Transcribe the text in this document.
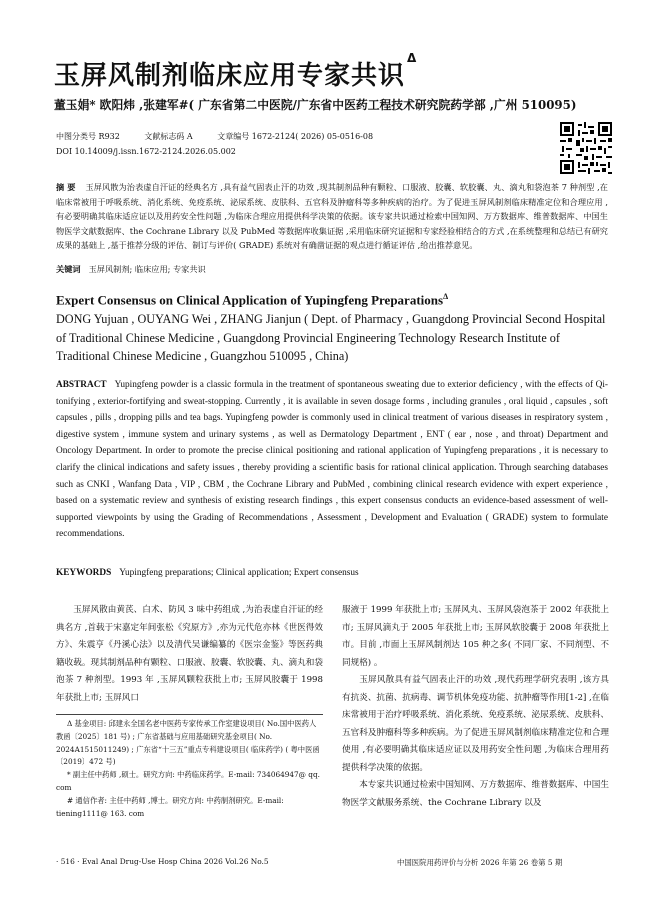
玉屏风制剂临床应用专家共识$^\Delta$
董玉娟* 欧阳炜 ,张建军#( 广东省第二中医院/广东省中医药工程技术研究院药学部 ,广州 510095)
中图分类号 R932	文献标志码 A	文章编号 1672-2124( 2026) 05-0516-08
DOI 10.14009/j.issn.1672-2124.2026.05.002
摘 要 玉屏风散为治表虚自汗证的经典名方 ,具有益气固表止汗的功效 ,现其制剂品种有颗粒、口服液、胶囊、软胶囊、丸、滴丸和袋泡茶 7 种剂型 ,在临床常被用于呼吸系统、消化系统、免疫系统、泌尿系统、皮肤科、五官科及肿瘤科等多种疾病的治疗。为了促进玉屏风制剂临床精准定位和合理应用 ,有必要明确其临床适应证以及用药安全性问题 ,为临床合理应用提供科学决策的依据。该专家共识通过检索中国知网、万方数据库、维普数据库、中国生物医学文献数据库、the Cochrane Library 以及 PubMed 等数据库收集证据 ,采用临床研究证据和专家经验相结合的方式 ,在系统整理和总结已有研究成果的基础上 ,基于推荐分级的评估、制订与评价( GRADE) 系统对有确凿证据的观点进行循证评估 ,给出推荐意见。
关键词 玉屏风制剂; 临床应用; 专家共识
Expert Consensus on Clinical Application of Yupingfeng Preparations$^\Delta$
DONG Yujuan , OUYANG Wei , ZHANG Jianjun ( Dept. of Pharmacy , Guangdong Provincial Second Hospital of Traditional Chinese Medicine , Guangdong Provincial Engineering Technology Research Institute of Traditional Chinese Medicine , Guangzhou 510095 , China)
ABSTRACT Yupingfeng powder is a classic formula in the treatment of spontaneous sweating due to exterior deficiency , with the effects of Qi-tonifying , exterior-fortifying and sweat-stopping. Currently , it is available in seven dosage forms , including granules , oral liquid , capsules , soft capsules , pills , dropping pills and tea bags. Yupingfeng powder is commonly used in clinical treatment of various diseases in respiratory system , digestive system , immune system and urinary systems , as well as Dermatology Department , ENT ( ear , nose , and throat) Department and Oncology Department. In order to promote the precise clinical positioning and rational application of Yupingfeng preparations , it is necessary to clarify the clinical indications and safety issues , thereby providing a scientific basis for rational clinical application. Through searching databases such as CNKI , Wanfang Data , VIP , CBM , the Cochrane Library and PubMed , combining clinical research evidence with expert experience , based on a systematic review and synthesis of existing research findings , this expert consensus conducts an evidence-based assessment of well-supported viewpoints by using the Grading of Recommendations , Assessment , Development and Evaluation ( GRADE) system to formulate recommendations.
KEYWORDS Yupingfeng preparations; Clinical application; Expert consensus

玉屏风散由黄芪、白术、防风 3 味中药组成 ,为治表虚自汗证的经典名方 ,首载于宋嘉定年间张松《究原方》,亦为元代危亦林《世医得效方》、朱震亨《丹溪心法》以及清代吴谦编纂的《医宗金鉴》等医药典籍收载。现其制剂品种有颗粒、口服液、胶囊、软胶囊、丸、滴丸和袋泡茶 7 种剂型。1993 年 ,玉屏风颗粒获批上市; 玉屏风胶囊于 1998 年获批上市; 玉屏风口

服液于 1999 年获批上市; 玉屏风丸、玉屏风袋泡茶于 2002 年获批上市; 玉屏风滴丸于 2005 年获批上市; 玉屏风软胶囊于 2008 年获批上市。目前 ,市面上玉屏风制剂达 105 种之多( 不同厂家、不同剂型、不同规格) 。

玉屏风散具有益气固表止汗的功效 ,现代药理学研究表明 ,该方具有抗炎、抗菌、抗病毒、调节机体免疫功能、抗肿瘤等作用[1-2] ,在临床常被用于治疗呼吸系统、消化系统、免疫系统、泌尿系统、皮肤科、五官科及肿瘤科等多种疾病。为了促进玉屏风制剂临床精准定位和合理使用 ,有必要明确其临床适应证以及用药安全性问题 ,为临床合理用药提供科学决策的依据。

本专家共识通过检索中国知网、万方数据库、维普数据库、中国生物医学文献服务系统、the Cochrane Library 以及

Δ 基金项目: 邱建永全国名老中医药专家传承工作室建设项目( No.国中医药人教函〔2025〕181 号) ; 广东省基础与应用基础研究基金项目( No. 2024A1515011249) ; 广东省“十三五”重点专科建设项目( 临床药学) ( 粤中医函〔2019〕472 号)

* 副主任中药师 ,硕士。研究方向: 中药临床药学。E-mail: 734064947@ qq. com

# 通信作者: 主任中药师 ,博士。研究方向: 中药制剂研究。E-mail: tiening1111@ 163. com

· 516 · Eval Anal Drug-Use Hosp China 2026 Vol.26 No.5	中国医院用药评价与分析 2026 年第 26 卷第 5 期
